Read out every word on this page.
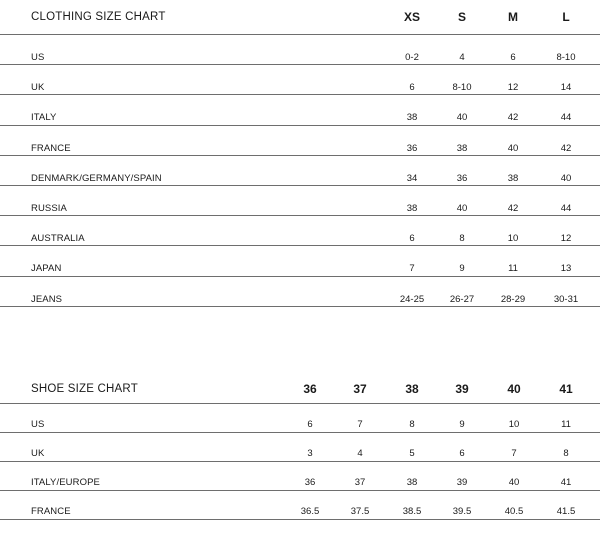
CLOTHING SIZE CHART	XS	S	M	L
US	0-2	4	6	8-10
UK	6	8-10	12	14
ITALY	38	40	42	44
FRANCE	36	38	40	42
DENMARK/GERMANY/SPAIN	34	36	38	40
RUSSIA	38	40	42	44
AUSTRALIA	6	8	10	12
JAPAN	7	9	11	13
JEANS	24-25	26-27	28-29	30-31
SHOE SIZE CHART	36	37	38	39	40	41
US	6	7	8	9	10	11
UK	3	4	5	6	7	8
ITALY/EUROPE	36	37	38	39	40	41
FRANCE	36.5	37.5	38.5	39.5	40.5	41.5
